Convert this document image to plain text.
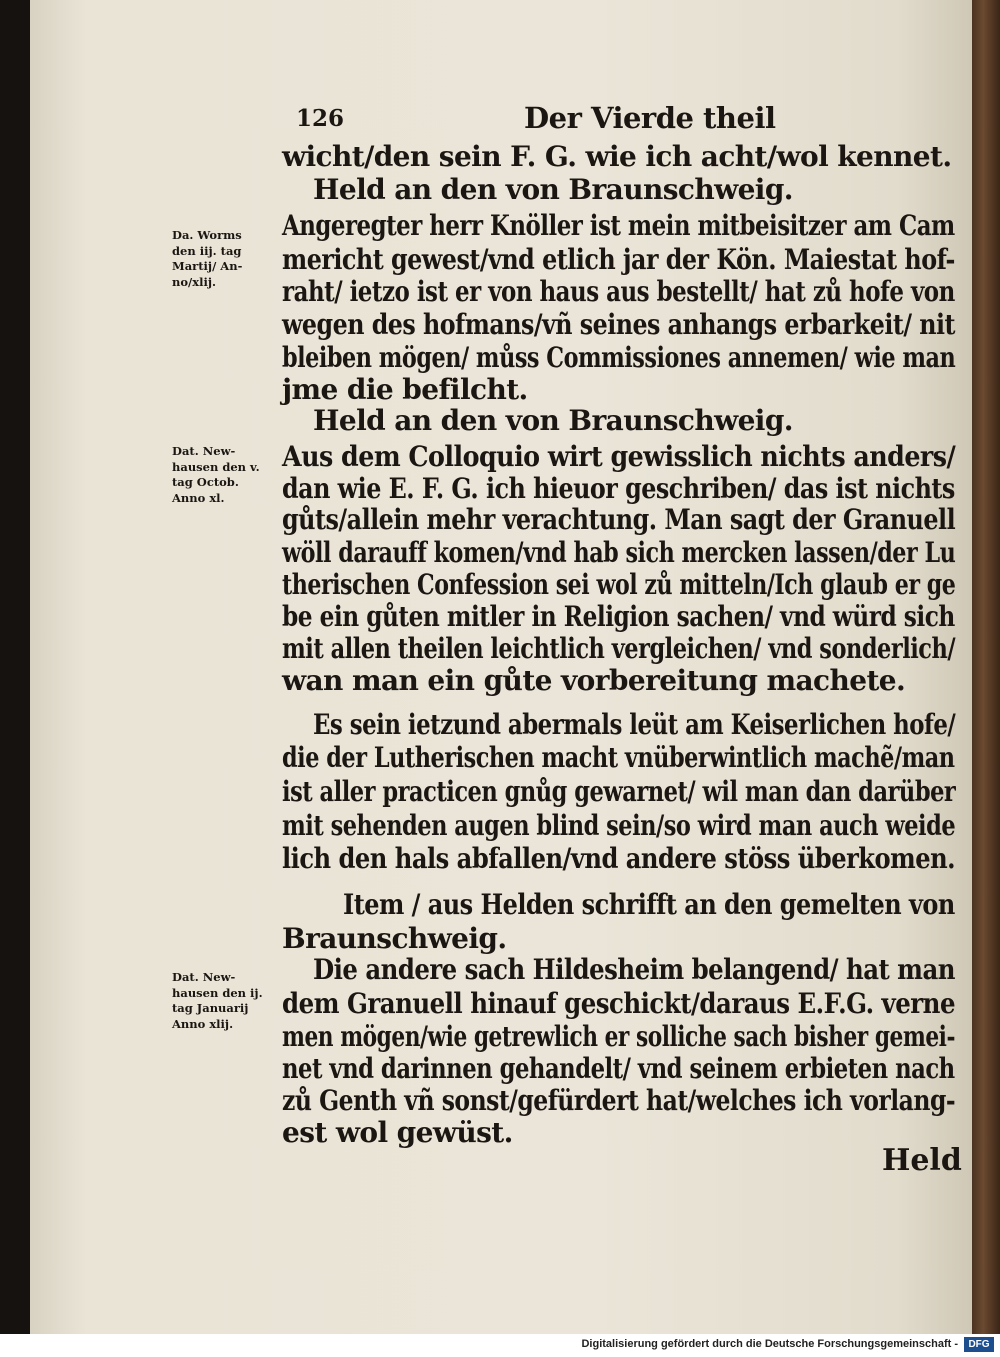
126	Der Vierde theil
Da. Worms
den iij. tag
Martij/ An-
no/xlij.
Dat. New-
hausen den v.
tag Octob.
Anno xl.
Dat. New-
hausen den ij.
tag Januarij
Anno xlij.
wicht/den sein F. G. wie ich acht/wol kennet.
Held an den von Braunschweig.
Angeregter herr Knöller ist mein mitbeisitzer am Cam
mericht gewest/vnd etlich jar der Kön. Maiestat hof-
raht/ ietzo ist er von haus aus bestellt/ hat zů hofe von
wegen des hofmans/vñ seines anhangs erbarkeit/ nit
bleiben mögen/ můss Commissiones annemen/ wie man
jme die befilcht.
Held an den von Braunschweig.
Aus dem Colloquio wirt gewisslich nichts anders/
dan wie E. F. G. ich hieuor geschriben/ das ist nichts
gůts/allein mehr verachtung. Man sagt der Granuell
wöll darauff komen/vnd hab sich mercken lassen/der Lu
therischen Confession sei wol zů mitteln/Ich glaub er ge
be ein gůten mitler in Religion sachen/ vnd würd sich
mit allen theilen leichtlich vergleichen/ vnd sonderlich/
wan man ein gůte vorbereitung machete.
Es sein ietzund abermals leüt am Keiserlichen hofe/
die der Lutherischen macht vnüberwintlich machẽ/man
ist aller practicen gnůg gewarnet/ wil man dan darüber
mit sehenden augen blind sein/so wird man auch weide
lich den hals abfallen/vnd andere stöss überkomen.
Item / aus Helden schrifft an den gemelten von
Braunschweig.
Die andere sach Hildesheim belangend/ hat man
dem Granuell hinauf geschickt/daraus E.F.G. verne
men mögen/wie getrewlich er solliche sach bisher gemei-
net vnd darinnen gehandelt/ vnd seinem erbieten nach
zů Genth vñ sonst/gefürdert hat/welches ich vorlang-
est wol gewüst.
Held
Digitalisierung gefördert durch die Deutsche Forschungsgemeinschaft -	DFG
